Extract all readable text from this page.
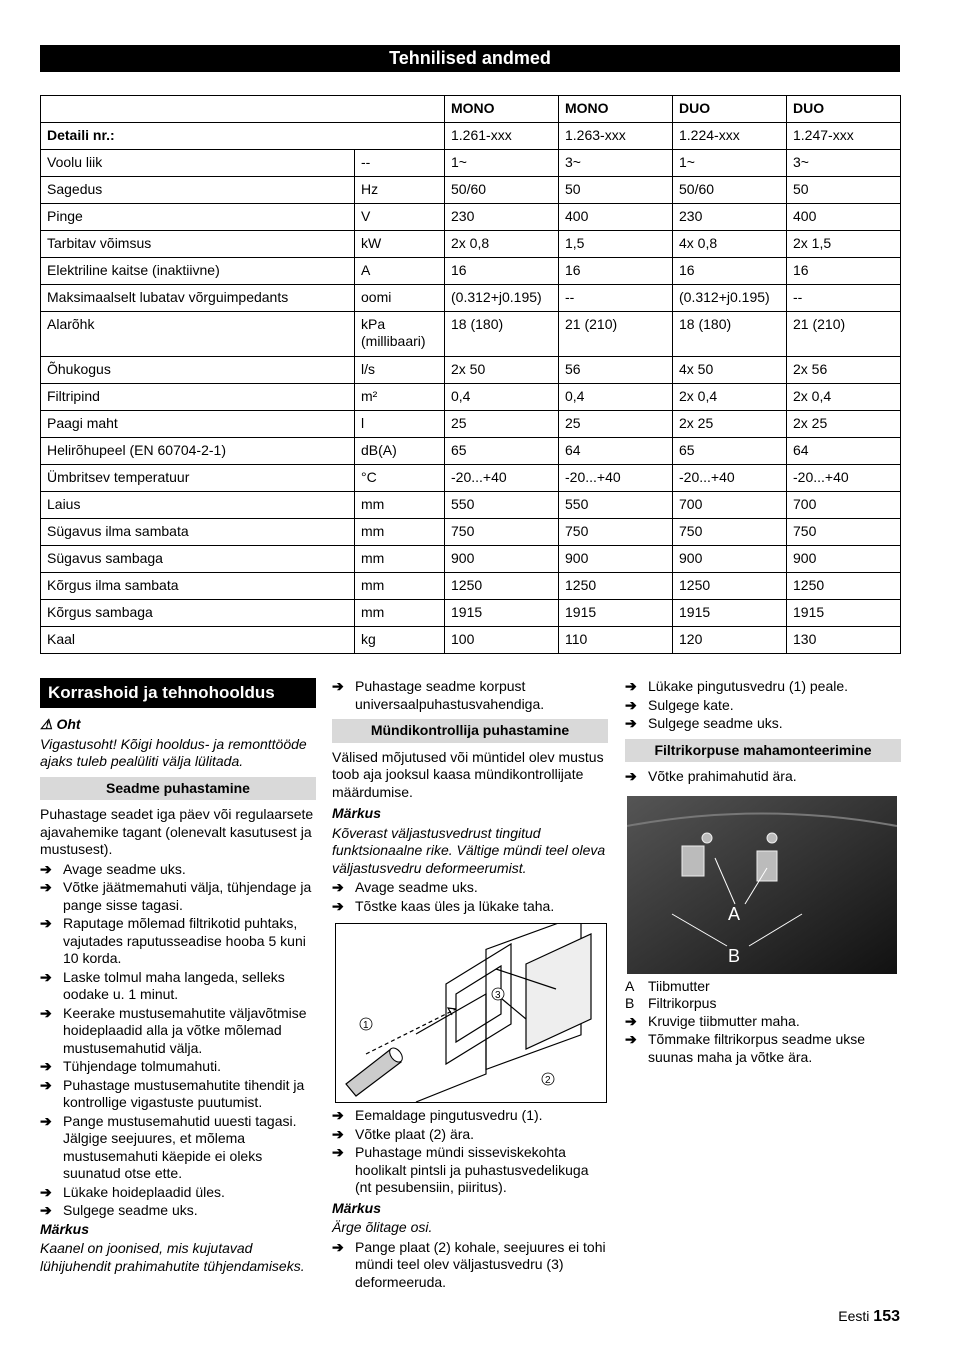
Tehnilised andmed
		MONO	MONO	DUO	DUO
Detaili nr.:		1.261-xxx	1.263-xxx	1.224-xxx	1.247-xxx
Voolu liik	--	1~	3~	1~	3~
Sagedus	Hz	50/60	50	50/60	50
Pinge	V	230	400	230	400
Tarbitav võimsus	kW	2x 0,8	1,5	4x 0,8	2x 1,5
Elektriline kaitse (inaktiivne)	A	16	16	16	16
Maksimaalselt lubatav võrguimpedants	oomi	(0.312+j0.195)	--	(0.312+j0.195)	--
Alarõhk	kPa (millibaari)	18 (180)	21 (210)	18 (180)	21 (210)
Õhukogus	l/s	2x 50	56	4x 50	2x 56
Filtripind	m²	0,4	0,4	2x 0,4	2x 0,4
Paagi maht	l	25	25	2x 25	2x 25
Helirõhupeel (EN 60704-2-1)	dB(A)	65	64	65	64
Ümbritsev temperatuur	°C	-20...+40	-20...+40	-20...+40	-20...+40
Laius	mm	550	550	700	700
Sügavus ilma sambata	mm	750	750	750	750
Sügavus sambaga	mm	900	900	900	900
Kõrgus ilma sambata	mm	1250	1250	1250	1250
Kõrgus sambaga	mm	1915	1915	1915	1915
Kaal	kg	100	110	120	130
Korrashoid ja tehnohooldus

⚠ Oht

Vigastusoht! Kõigi hooldus- ja remonttööde ajaks tuleb pealüliti välja lülitada.

Seadme puhastamine

Puhastage seadet iga päev või regulaarsete ajavahemike tagant (olenevalt kasutusest ja mustusest).

➔ Avage seadme uks.
➔ Võtke jäätmemahuti välja, tühjendage ja pange sisse tagasi.
➔ Raputage mõlemad filtrikotid puhtaks, vajutades raputusseadise hooba 5 kuni 10 korda.
➔ Laske tolmul maha langeda, selleks oodake u. 1 minut.
➔ Keerake mustusemahutite väljavõtmise hoideplaadid alla ja võtke mõlemad mustusemahutid välja.
➔ Tühjendage tolmumahuti.
➔ Puhastage mustusemahutite tihendit ja kontrollige vigastuste puutumist.
➔ Pange mustusemahutid uuesti tagasi. Jälgige seejuures, et mõlema mustusemahuti käepide ei oleks suunatud otse ette.
➔ Lükake hoideplaadid üles.
➔ Sulgege seadme uks.

Märkus

Kaanel on joonised, mis kujutavad lühijuhendit prahimahutite tühjendamiseks.

➔ Puhastage seadme korpust universaalpuhastusvahendiga.
Mündikontrollija puhastamine

Välised mõjutused või müntidel olev mustus toob aja jooksul kaasa mündikontrollijate määrdumise.

Märkus

Kõverast väljastusvedrust tingitud funktsionaalne rike. Vältige mündi teel oleva väljastusvedru deformeerumist.

➔ Avage seadme uks.
➔ Tõstke kaas üles ja lükake taha.
1
2
3
➔ Eemaldage pingutusvedru (1).
➔ Võtke plaat (2) ära.
➔ Puhastage mündi sisseviskekohta hoolikalt pintsli ja puhastusvedelikuga (nt pesubensiin, piiritus).

Märkus

Ärge õlitage osi.

➔ Pange plaat (2) kohale, seejuures ei tohi mündi teel olev väljastusvedru (3) deformeeruda.
➔ Lükake pingutusvedru (1) peale.
➔ Sulgege kate.
➔ Sulgege seadme uks.
Filtrikorpuse mahamonteerimine
➔ Võtke prahimahutid ära.
A
B
A Tiibmutter
B Filtrikorpus
➔ Kruvige tiibmutter maha.
➔ Tõmmake filtrikorpus seadme ukse suunas maha ja võtke ära.
Eesti 153
